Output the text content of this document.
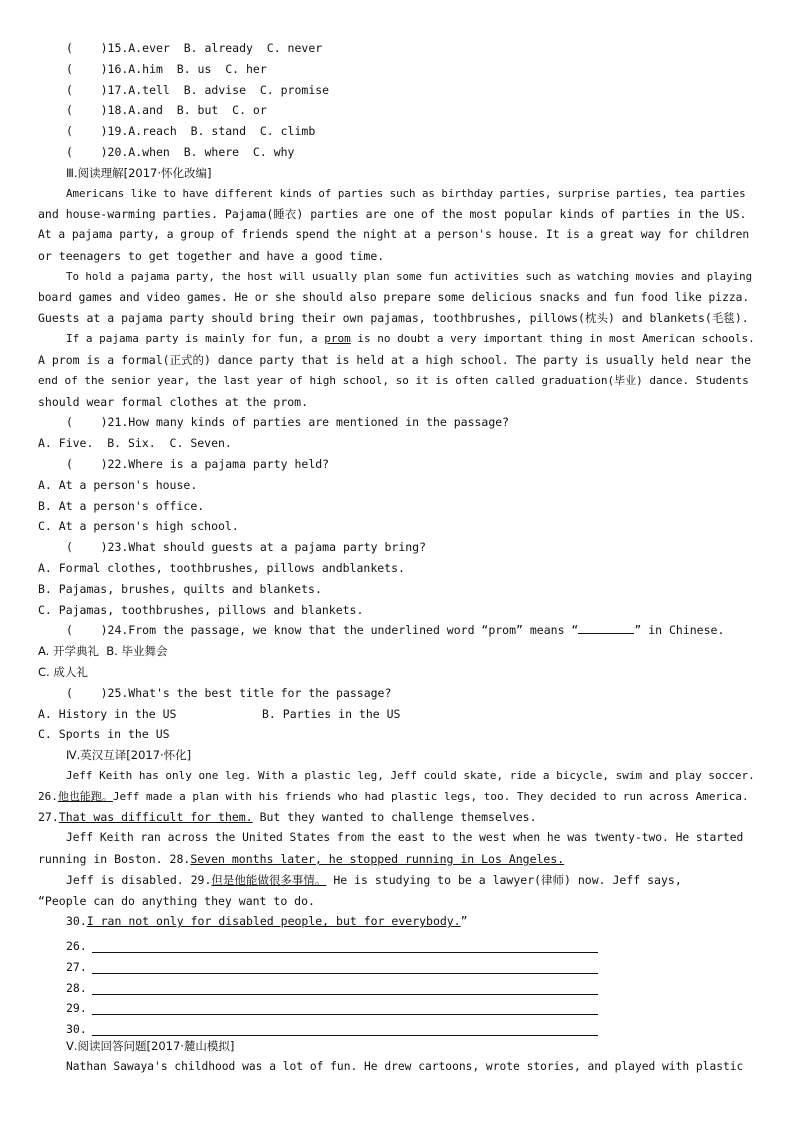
(    )15.A.ever  B. already  C. never
(    )16.A.him  B. us  C. her
(    )17.A.tell  B. advise  C. promise
(    )18.A.and  B. but  C. or
(    )19.A.reach  B. stand  C. climb
(    )20.A.when  B. where  C. why
Ⅲ.阅读理解[2017·怀化改编]
Americans like to have different kinds of parties such as birthday parties, surprise parties, tea parties
and house-warming parties. Pajama(睡衣) parties are one of the most popular kinds of parties in the US.
At a pajama party, a group of friends spend the night at a person's house. It is a great way for children
or teenagers to get together and have a good time.
To hold a pajama party, the host will usually plan some fun activities such as watching movies and playing
board games and video games. He or she should also prepare some delicious snacks and fun food like pizza.
Guests at a pajama party should bring their own pajamas, toothbrushes, pillows(枕头) and blankets(毛毯).
If a pajama party is mainly for fun, a prom is no doubt a very important thing in most American schools.
A prom is a formal(正式的) dance party that is held at a high school. The party is usually held near the
end of the senior year, the last year of high school, so it is often called graduation(毕业) dance. Students
should wear formal clothes at the prom.
(    )21.How many kinds of parties are mentioned in the passage?
A. Five.  B. Six.  C. Seven.
(    )22.Where is a pajama party held?
A. At a person's house.
B. At a person's office.
C. At a person's high school.
(    )23.What should guests at a pajama party bring?
A. Formal clothes, toothbrushes, pillows andblankets.
B. Pajamas, brushes, quilts and blankets.
C. Pajamas, toothbrushes, pillows and blankets.
(    )24.From the passage, we know that the underlined word “prom” means “	” in Chinese.
A. 开学典礼  B. 毕业舞会
C. 成人礼
(    )25.What's the best title for the passage?
A. History in the US	B. Parties in the US
C. Sports in the US
Ⅳ.英汉互译[2017·怀化]
Jeff Keith has only one leg. With a plastic leg, Jeff could skate, ride a bicycle, swim and play soccer.
26.他也能跑。Jeff made a plan with his friends who had plastic legs, too. They decided to run across America.
27.That was difficult for them. But they wanted to challenge themselves.
Jeff Keith ran across the United States from the east to the west when he was twenty-two. He started
running in Boston. 28.Seven months later, he stopped running in Los Angeles.
Jeff is disabled. 29.但是他能做很多事情。 He is studying to be a lawyer(律师) now. Jeff says,
“People can do anything they want to do.
30.I ran not only for disabled people, but for everybody.”
26.
27.
28.
29.
30.
Ⅴ.阅读回答问题[2017·麓山模拟]
Nathan Sawaya's childhood was a lot of fun. He drew cartoons, wrote stories, and played with plastic
